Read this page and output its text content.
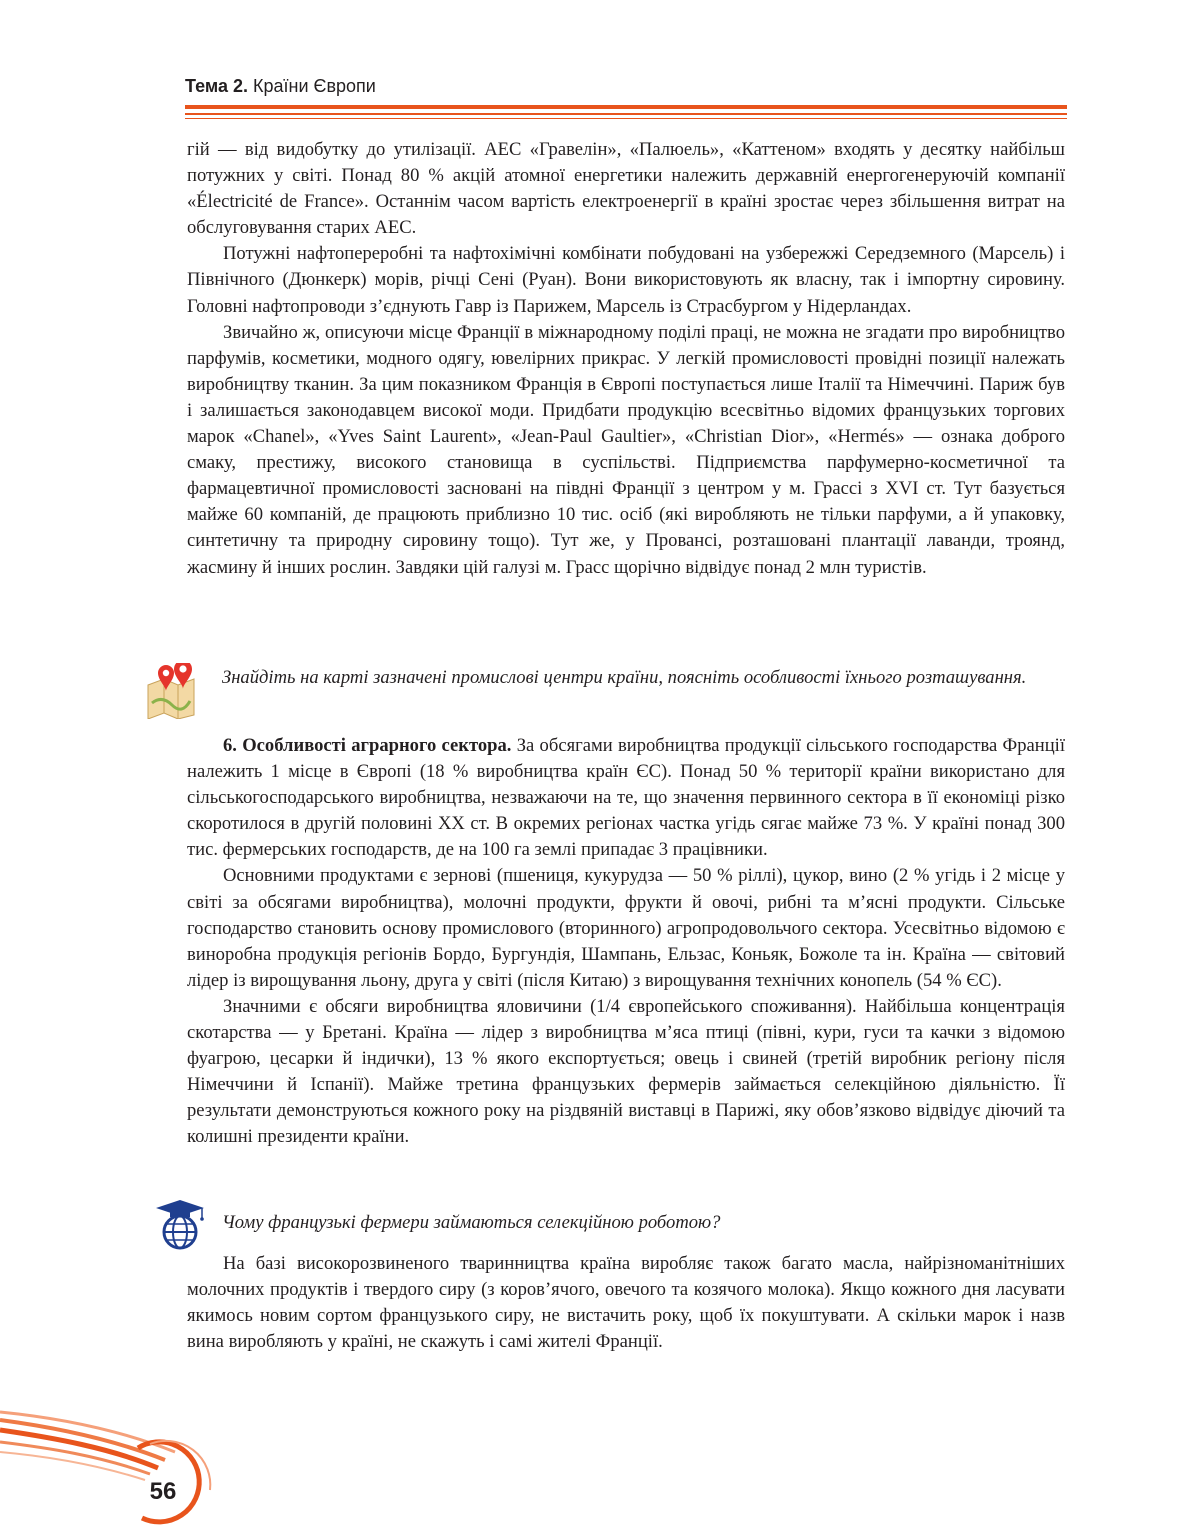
Тема 2. Країни Європи

гій — від видобутку до утилізації. АЕС «Гравелін», «Палюель», «Каттеном» входять у десятку найбільш потужних у світі. Понад 80 % акцій атомної енергетики належить державній енергогенеруючій компанії «Électricité de France». Останнім часом вартість електроенергії в країні зростає через збільшення витрат на обслуговування старих АЕС.

Потужні нафтопереробні та нафтохімічні комбінати побудовані на узбережжі Середземного (Марсель) і Північного (Дюнкерк) морів, річці Сені (Руан). Вони використовують як власну, так і імпортну сировину. Головні нафтопроводи з’єднують Гавр із Парижем, Марсель із Страсбургом у Нідерландах.

Звичайно ж, описуючи місце Франції в міжнародному поділі праці, не можна не згадати про виробництво парфумів, косметики, модного одягу, ювелірних прикрас. У легкій промисловості провідні позиції належать виробництву тканин. За цим показником Франція в Європі поступається лише Італії та Німеччині. Париж був і залишається законодавцем високої моди. Придбати продукцію всесвітньо відомих французьких торгових марок «Chanel», «Yves Saint Laurent», «Jean-Paul Gaultier», «Christian Dior», «Hermés» — ознака доброго смаку, престижу, високого становища в суспільстві. Підприємства парфумерно-косметичної та фармацевтичної промисловості засновані на півдні Франції з центром у м. Грассі з XVI ст. Тут базується майже 60 компаній, де працюють приблизно 10 тис. осіб (які виробляють не тільки парфуми, а й упаковку, синтетичну та природну сировину тощо). Тут же, у Провансі, розташовані плантації лаванди, троянд, жасмину й інших рослин. Завдяки цій галузі м. Грасс щорічно відвідує понад 2 млн туристів.

Знайдіть на карті зазначені промислові центри країни, поясніть особливості їхнього розташування.

6. Особливості аграрного сектора. За обсягами виробництва продукції сільського господарства Франції належить 1 місце в Європі (18 % виробництва країн ЄС). Понад 50 % території країни використано для сільськогосподарського виробництва, незважаючи на те, що значення первинного сектора в її економіці різко скоротилося в другій половині XX ст. В окремих регіонах частка угідь сягає майже 73 %. У країні понад 300 тис. фермерських господарств, де на 100 га землі припадає 3 працівники.

Основними продуктами є зернові (пшениця, кукурудза — 50 % ріллі), цукор, вино (2 % угідь і 2 місце у світі за обсягами виробництва), молочні продукти, фрукти й овочі, рибні та м’ясні продукти. Сільське господарство становить основу промислового (вторинного) агропродовольчого сектора. Усесвітньо відомою є виноробна продукція регіонів Бордо, Бургундія, Шампань, Ельзас, Коньяк, Божоле та ін. Країна — світовий лідер із вирощування льону, друга у світі (після Китаю) з вирощування технічних конопель (54 % ЄС).

Значними є обсяги виробництва яловичини (1/4 європейського споживання). Найбільша концентрація скотарства — у Бретані. Країна — лідер з виробництва м’яса птиці (півні, кури, гуси та качки з відомою фуагрою, цесарки й індички), 13 % якого експортується; овець і свиней (третій виробник регіону після Німеччини й Іспанії). Майже третина французьких фермерів займається селекційною діяльністю. Її результати демонструються кожного року на різдвяній виставці в Парижі, яку обов’язково відвідує діючий та колишні президенти країни.

Чому французькі фермери займаються селекційною роботою?

На базі високорозвиненого тваринництва країна виробляє також багато масла, найрізноманітніших молочних продуктів і твердого сиру (з коров’ячого, овечого та козячого молока). Якщо кожного дня ласувати якимось новим сортом французького сиру, не вистачить року, щоб їх покуштувати. А скільки марок і назв вина виробляють у країні, не скажуть і самі жителі Франції.

56
